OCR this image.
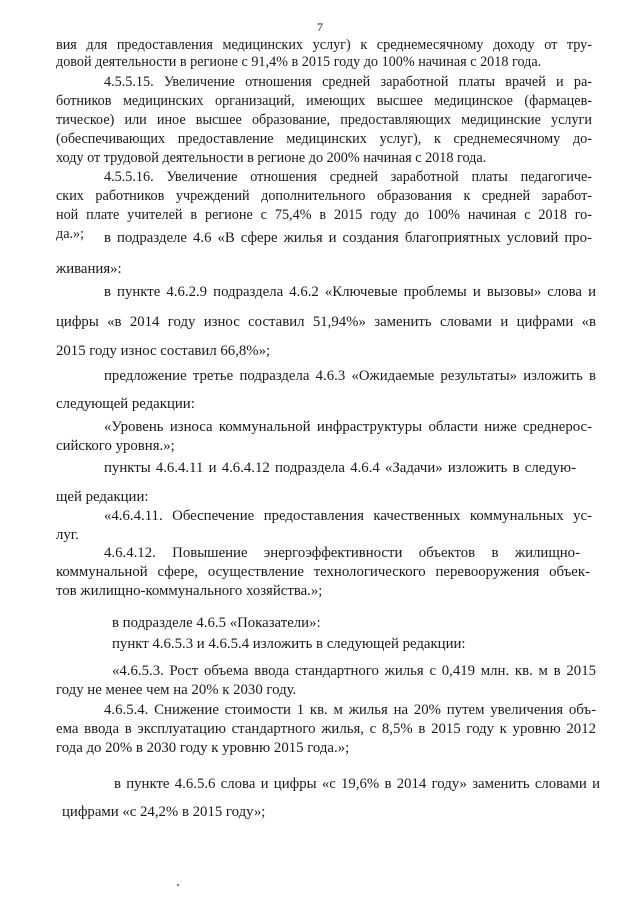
7

вия для предоставления медицинских услуг) к среднемесячному доходу от тру-

довой деятельности в регионе с 91,4% в 2015 году до 100% начиная с 2018 года.

4.5.5.15. Увеличение отношения средней заработной платы врачей и ра-

ботников медицинских организаций, имеющих высшее медицинское (фармацев-

тическое) или иное высшее образование, предоставляющих медицинские услуги

(обеспечивающих предоставление медицинских услуг), к среднемесячному до-

ходу от трудовой деятельности в регионе до 200% начиная с 2018 года.

4.5.5.16. Увеличение отношения средней заработной платы педагогиче-

ских работников учреждений дополнительного образования к средней заработ-

ной плате учителей в регионе с 75,4% в 2015 году до 100% начиная с 2018 го-

да.»; в подразделе 4.6 «В сфере жилья и создания благоприятных условий про-

живания»:

в пункте 4.6.2.9 подраздела 4.6.2 «Ключевые проблемы и вызовы» слова и

цифры «в 2014 году износ составил 51,94%» заменить словами и цифрами «в

2015 году износ составил 66,8%»;

предложение третье подраздела 4.6.3 «Ожидаемые результаты» изложить в

следующей редакции:

«Уровень износа коммунальной инфраструктуры области ниже среднерос-

сийского уровня.»;

пункты 4.6.4.11 и 4.6.4.12 подраздела 4.6.4 «Задачи» изложить в следую-

щей редакции:

«4.6.4.11. Обеспечение предоставления качественных коммунальных ус-

луг.

4.6.4.12. Повышение энергоэффективности объектов в жилищно-

коммунальной сфере, осуществление технологического перевооружения объек-

тов жилищно-коммунального хозяйства.»;

в подразделе 4.6.5 «Показатели»:

пункт 4.6.5.3 и 4.6.5.4 изложить в следующей редакции:

«4.6.5.3. Рост объема ввода стандартного жилья с 0,419 млн. кв. м в 2015

году не менее чем на 20% к 2030 году.

4.6.5.4. Снижение стоимости 1 кв. м жилья на 20% путем увеличения объ-

ема ввода в эксплуатацию стандартного жилья, с 8,5% в 2015 году к уровню 2012

года до 20% в 2030 году к уровню 2015 года.»;

в пункте 4.6.5.6 слова и цифры «с 19,6% в 2014 году» заменить словами и

цифрами «с 24,2% в 2015 году»;
